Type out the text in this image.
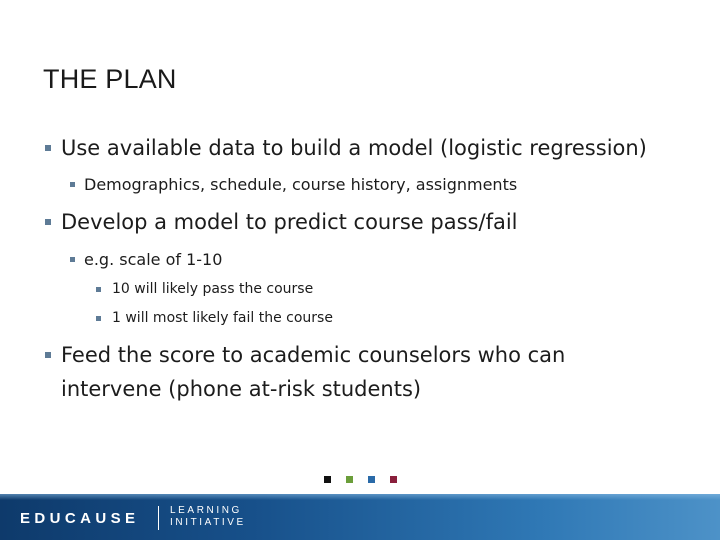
THE PLAN
Use available data to build a model (logistic regression)
Demographics, schedule, course history, assignments
Develop a model to predict course pass/fail
e.g. scale of 1-10
10 will likely pass the course
1 will most likely fail the course
Feed the score to academic counselors who can
intervene (phone at-risk students)
EDUCAUSE	LEARNING
INITIATIVE
